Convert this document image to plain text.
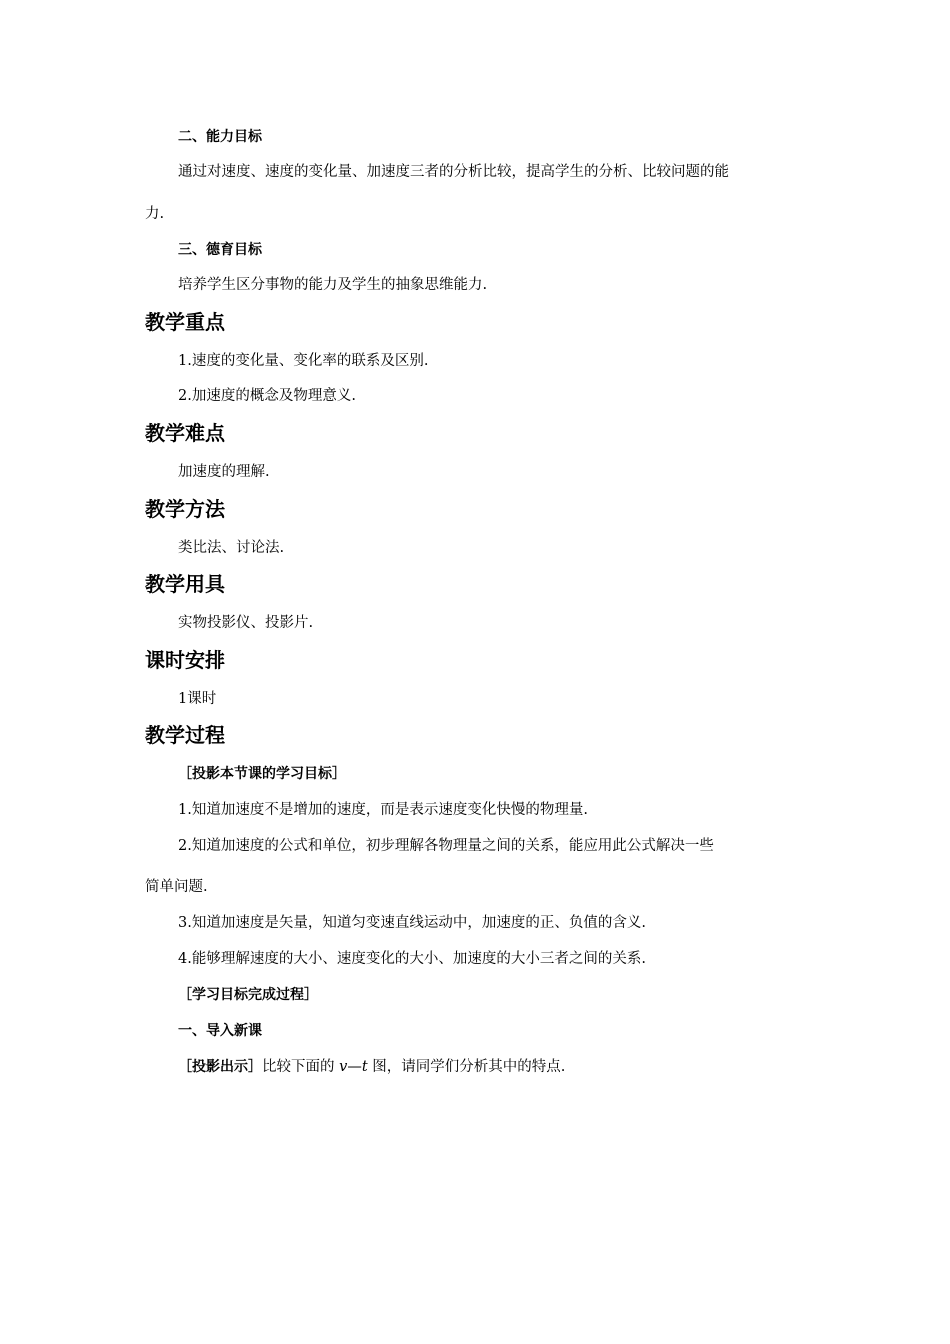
二、能力目标
通过对速度、速度的变化量、加速度三者的分析比较，提高学生的分析、比较问题的能
力.
三、德育目标
培养学生区分事物的能力及学生的抽象思维能力.
教学重点
1.速度的变化量、变化率的联系及区别.
2.加速度的概念及物理意义.
教学难点
加速度的理解.
教学方法
类比法、讨论法.
教学用具
实物投影仪、投影片.
课时安排
1课时
教学过程
［投影本节课的学习目标］
1.知道加速度不是增加的速度，而是表示速度变化快慢的物理量.
2.知道加速度的公式和单位，初步理解各物理量之间的关系，能应用此公式解决一些
简单问题.
3.知道加速度是矢量，知道匀变速直线运动中，加速度的正、负值的含义.
4.能够理解速度的大小、速度变化的大小、加速度的大小三者之间的关系.
［学习目标完成过程］
一、导入新课
［投影出示］比较下面的 v—t 图，请同学们分析其中的特点.
